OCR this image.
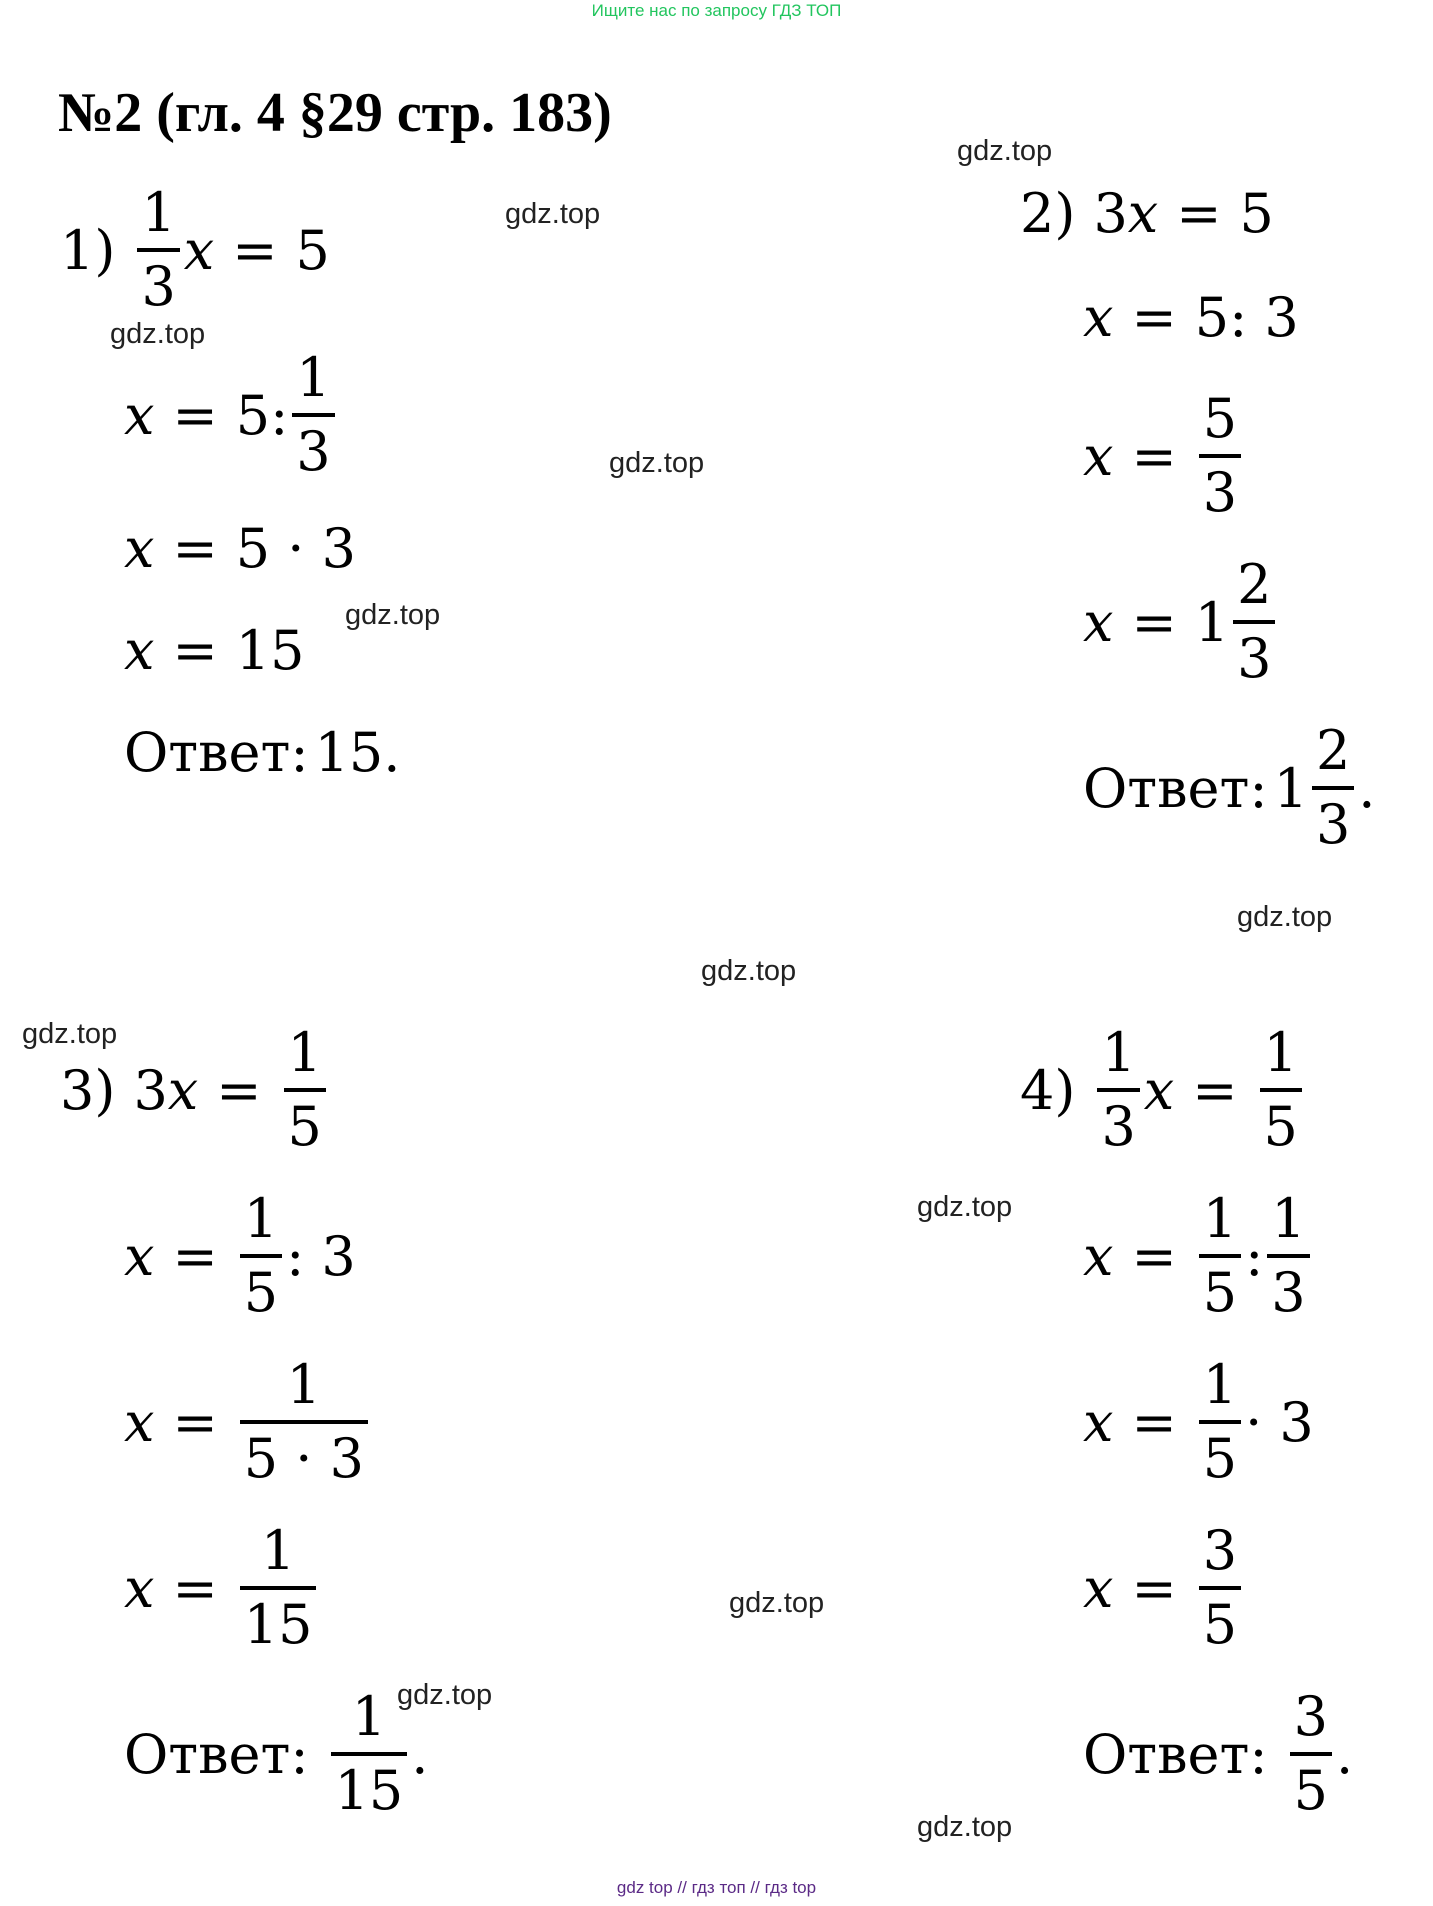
Ищите нас по запросу ГДЗ ТОП
№2 (гл. 4 §29 стр. 183)
gdz.top
gdz.top
gdz.top
gdz.top
gdz.top
gdz.top
gdz.top
gdz.top
gdz.top
gdz.top
gdz.top
gdz.top
$1) \frac{1}{3}$ x = 5
x = 5: $\frac{1}{3}$
x = 5 · 3
x = 15
Ответ: 15.
2) 3 x = 5
x = 5: 3
$x = \frac{5}{3}$
$x = 1 \frac{2}{3}$
Ответ: $1 \frac{2}{3}$ .
3) 3 $x = \frac{1}{5}$
$x = \frac{1}{5}$ : 3
$x = \frac{1}{5 \cdot 3}$
$x = \frac{1}{15}$
Ответ: $\frac{1}{15}$ .
$4) \frac{1}{3}$ $x = \frac{1}{5}$
$x = \frac{1}{5}$ : $\frac{1}{3}$
$x = \frac{1}{5} \cdot 3$
$x = \frac{3}{5}$
Ответ: $\frac{3}{5}$ .
gdz top // гдз топ // гдз top
